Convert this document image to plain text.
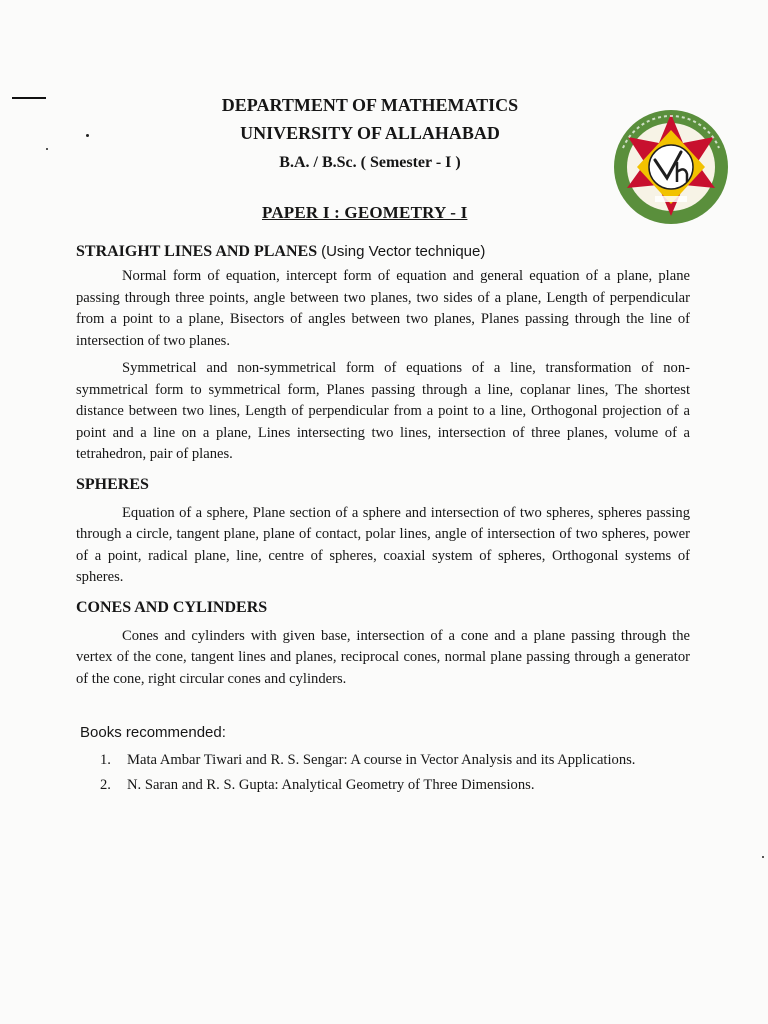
DEPARTMENT OF MATHEMATICS
UNIVERSITY OF ALLAHABAD
B.A. / B.Sc. ( Semester - I )
PAPER I : GEOMETRY - I
STRAIGHT LINES AND PLANES (Using Vector technique)

Normal form of equation, intercept form of equation and general equation of a plane, plane passing through three points, angle between two planes, two sides of a plane, Length of perpendicular from a point to a plane, Bisectors of angles between two planes, Planes passing through the line of intersection of two planes.

Symmetrical and non-symmetrical form of equations of a line, transformation of non-symmetrical form to symmetrical form, Planes passing through a line, coplanar lines, The shortest distance between two lines, Length of perpendicular from a point to a line, Orthogonal projection of a point and a line on a plane, Lines intersecting two lines, intersection of three planes, volume of a tetrahedron, pair of planes.

SPHERES

Equation of a sphere, Plane section of a sphere and intersection of two spheres, spheres passing through a circle, tangent plane, plane of contact, polar lines, angle of intersection of two spheres, power of a point, radical plane, line, centre of spheres, coaxial system of spheres, Orthogonal systems of spheres.

CONES AND CYLINDERS

Cones and cylinders with given base, intersection of a cone and a plane passing through the vertex of the cone, tangent lines and planes, reciprocal cones, normal plane passing through a generator of the cone, right circular cones and cylinders.

Books recommended:
1. Mata Ambar Tiwari and R. S. Sengar: A course in Vector Analysis and its Applications.
2. N. Saran and R. S. Gupta: Analytical Geometry of Three Dimensions.
